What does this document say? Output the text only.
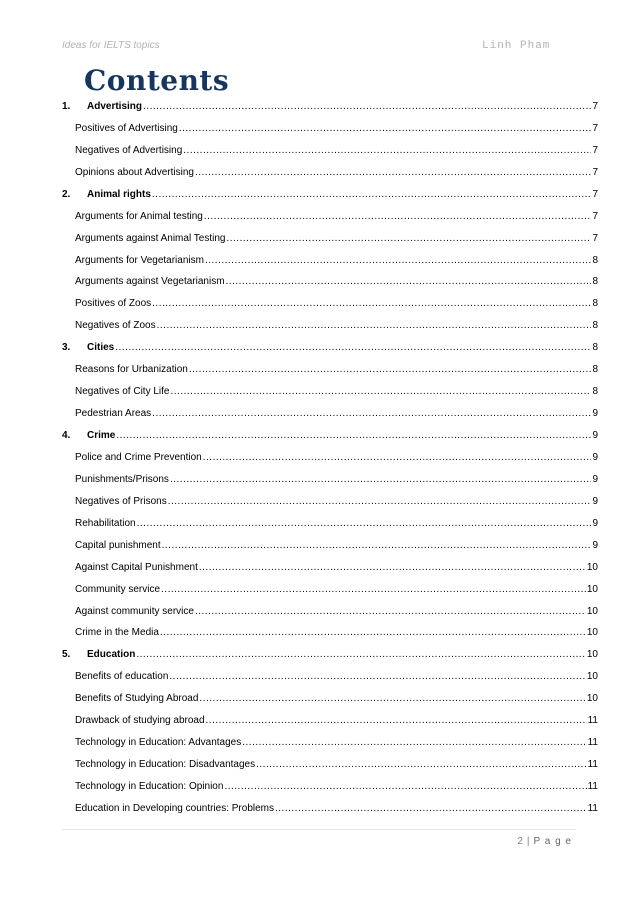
Ideas for IELTS topics	Linh Pham
Contents
1.	Advertising .....	7
Positives of Advertising .....	7
Negatives of Advertising .....	7
Opinions about Advertising .....	7
2.	Animal rights .....	7
Arguments for Animal testing .....	7
Arguments against Animal Testing .....	7
Arguments for Vegetarianism .....	8
Arguments against Vegetarianism .....	8
Positives of Zoos .....	8
Negatives of Zoos .....	8
3.	Cities .....	8
Reasons for Urbanization .....	8
Negatives of City Life .....	8
Pedestrian Areas .....	9
4.	Crime .....	9
Police and Crime Prevention .....	9
Punishments/Prisons .....	9
Negatives of Prisons .....	9
Rehabilitation .....	9
Capital punishment .....	9
Against Capital Punishment .....	10
Community service .....	10
Against community service .....	10
Crime in the Media .....	10
5.	Education .....	10
Benefits of education .....	10
Benefits of Studying Abroad .....	10
Drawback of studying abroad .....	11
Technology in Education: Advantages .....	11
Technology in Education: Disadvantages .....	11
Technology in Education: Opinion .....	11
Education in Developing countries: Problems .....	11
2 | P a g e
